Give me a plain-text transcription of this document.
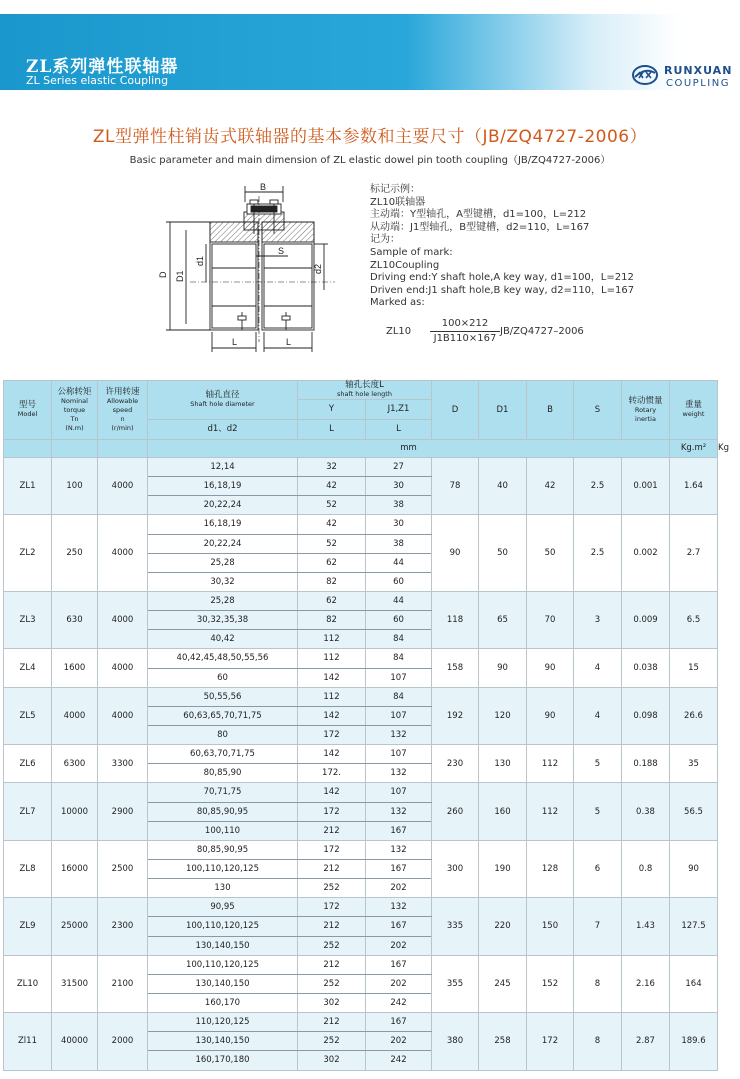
ZL系列弹性联轴器
ZL Series elastic Coupling
RUNXUAN
COUPLING
ZL型弹性柱销齿式联轴器的基本参数和主要尺寸（JB/ZQ4727-2006）
Basic parameter and main dimension of ZL elastic dowel pin tooth coupling（JB/ZQ4727-2006）
B
S
L	L
D D1
d1
d2
标记示例：
ZL10联轴器
主动端：Y型轴孔，A型键槽，d1=100，L=212
从动端：J1型轴孔，B型键槽，d2=110，L=167
记为：
Sample of mark:
ZL10Coupling
Driving end:Y shaft hole,A key way, d1=100，L=212
Driven end:J1 shaft hole,B key way, d2=110，L=167
Marked as:
ZL10
100×212
J1B110×167
JB/ZQ4727–2006
型号
Model	公称转矩
Nominal
torque
Tn
(N.m)	许用转速
Allowable
speed
n
(r/min)	轴孔直径
Shaft hole diameter	轴孔长度L
shaft hole length		D	D1	B	S	转动惯量
Rotary
inertia	重量
weight	

				Y	J1,Z1							
			d1、d2	L	L							
			mm								Kg.m²	Kg
ZL1	100	4000	12,14	32	27	78	40	42	2.5	0.001	1.64	
			16,18,19	42	30							
			20,22,24	52	38							
ZL2	250	4000	16,18,19	42	30	90	50	50	2.5	0.002	2.7	
			20,22,24	52	38							
			25,28	62	44							
			30,32	82	60							
ZL3	630	4000	25,28	62	44	118	65	70	3	0.009	6.5	
			30,32,35,38	82	60							
			40,42	112	84							
ZL4	1600	4000	40,42,45,48,50,55,56	112	84	158	90	90	4	0.038	15	
			60	142	107							
ZL5	4000	4000	50,55,56	112	84	192	120	90	4	0.098	26.6	
			60,63,65,70,71,75	142	107							
			80	172	132							
ZL6	6300	3300	60,63,70,71,75	142	107	230	130	112	5	0.188	35	
			80,85,90	172.	132							
ZL7	10000	2900	70,71,75	142	107	260	160	112	5	0.38	56.5	
			80,85,90,95	172	132							
			100,110	212	167							
ZL8	16000	2500	80,85,90,95	172	132	300	190	128	6	0.8	90	
			100,110,120,125	212	167							
			130	252	202							
ZL9	25000	2300	90,95	172	132	335	220	150	7	1.43	127.5	
			100,110,120,125	212	167							
			130,140,150	252	202							
ZL10	31500	2100	100,110,120,125	212	167	355	245	152	8	2.16	164	
			130,140,150	252	202							
			160,170	302	242							
Zl11	40000	2000	110,120,125	212	167	380	258	172	8	2.87	189.6	
			130,140,150	252	202							
			160,170,180	302	242							
